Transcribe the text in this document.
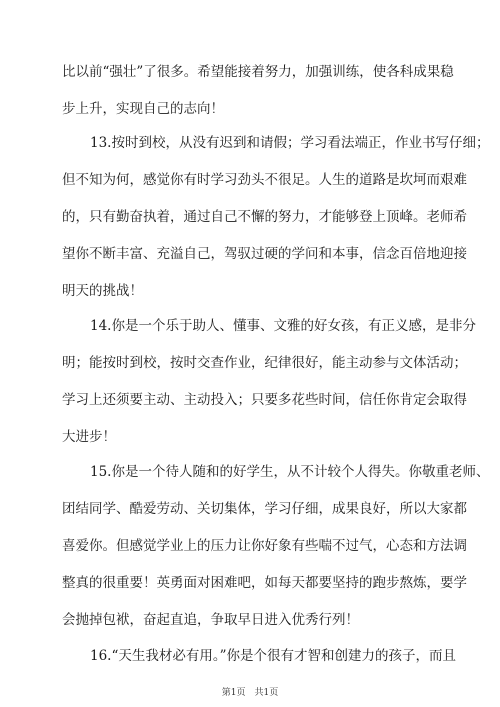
比以前“强壮”了很多。希望能接着努力，加强训练，使各科成果稳
步上升，实现自己的志向！
13.按时到校，从没有迟到和请假；学习看法端正，作业书写仔细；
但不知为何，感觉你有时学习劲头不很足。人生的道路是坎坷而艰难
的，只有勤奋执着，通过自己不懈的努力，才能够登上顶峰。老师希
望你不断丰富、充溢自己，驾驭过硬的学问和本事，信念百倍地迎接
明天的挑战！
14.你是一个乐于助人、懂事、文雅的好女孩，有正义感，是非分
明；能按时到校，按时交查作业，纪律很好，能主动参与文体活动；
学习上还须要主动、主动投入；只要多花些时间，信任你肯定会取得
大进步！
15.你是一个待人随和的好学生，从不计较个人得失。你敬重老师、
团结同学、酷爱劳动、关切集体，学习仔细，成果良好，所以大家都
喜爱你。但感觉学业上的压力让你好象有些喘不过气，心态和方法调
整真的很重要！英勇面对困难吧，如每天都要坚持的跑步熬炼，要学
会抛掉包袱，奋起直追，争取早日进入优秀行列！
16.“天生我材必有用。”你是个很有才智和创建力的孩子，而且
第1页　共1页
